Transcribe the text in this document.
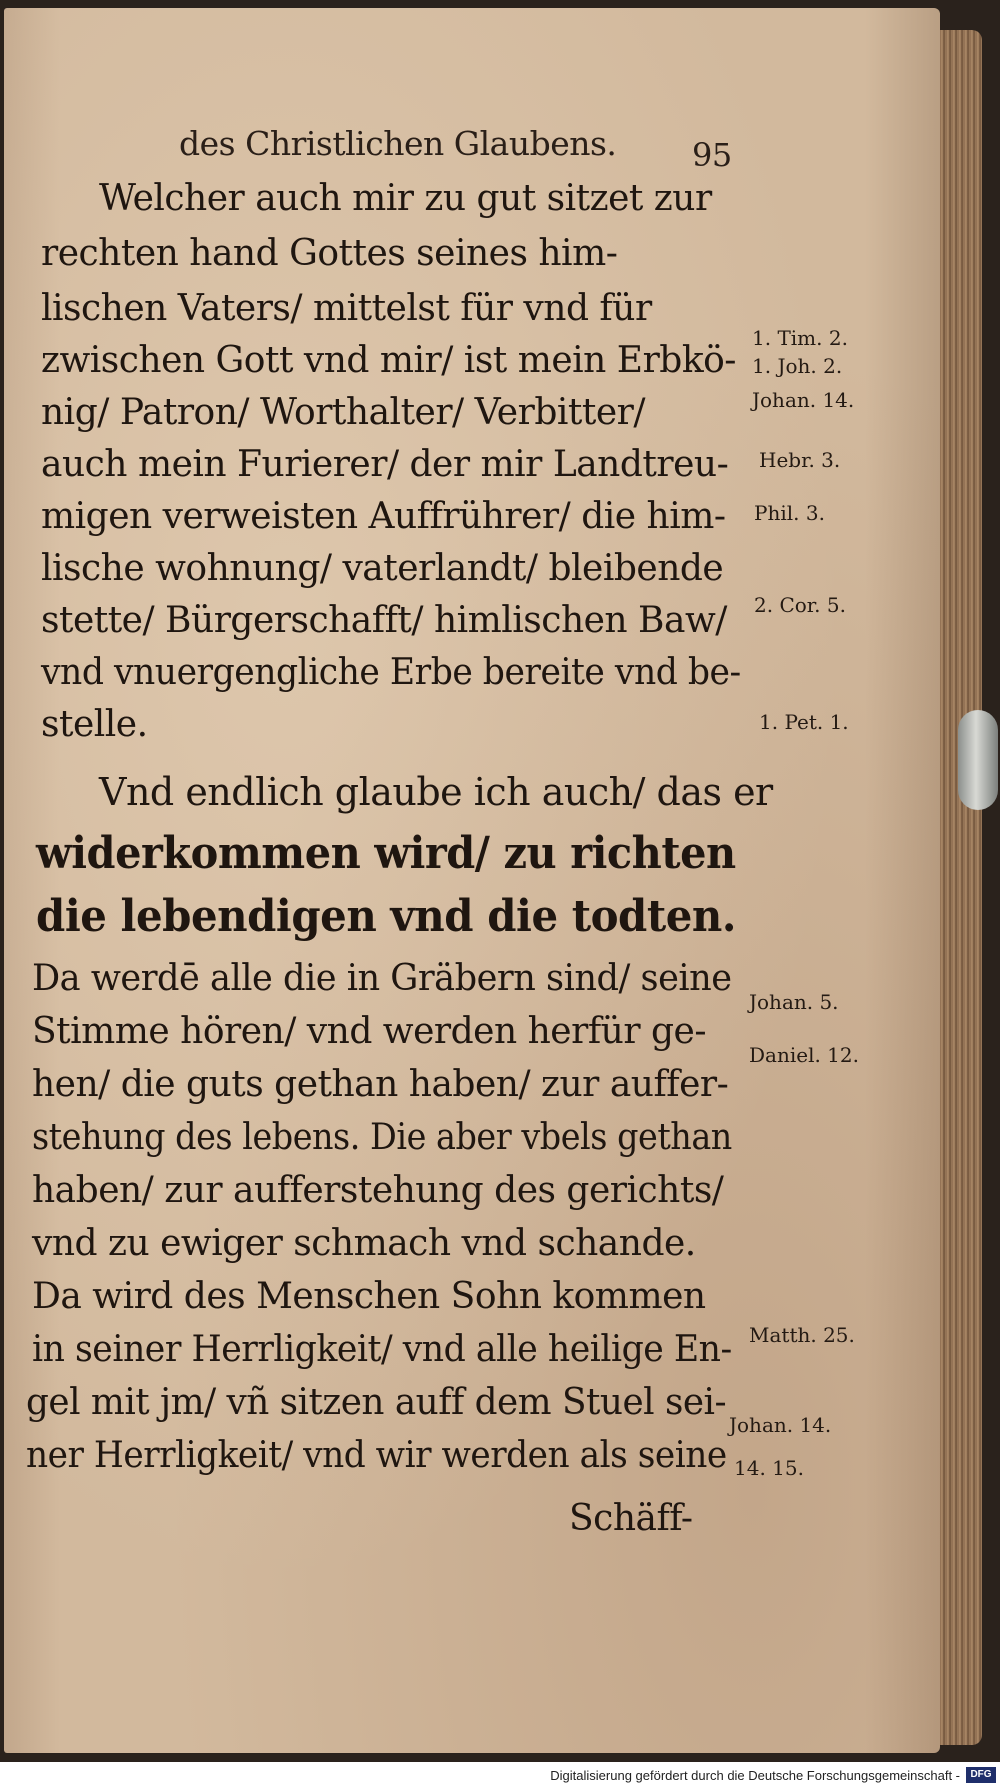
des Christlichen Glaubens. 95
Welcher auch mir zu gut sitzet zur
rechten hand Gottes seines him-
lischen Vaters/ mittelst für vnd für
zwischen Gott vnd mir/ ist mein Erbkö-
nig/ Patron/ Worthalter/ Verbitter/
auch mein Furierer/ der mir Landtreu-
migen verweisten Auffrührer/ die him-
lische wohnung/ vaterlandt/ bleibende
stette/ Bürgerschafft/ himlischen Baw/
vnd vnuergengliche Erbe bereite vnd be-
stelle.
Vnd endlich glaube ich auch/ das er
widerkommen wird/ zu richten
die lebendigen vnd die todten.
Da werdē alle die in Gräbern sind/ seine
Stimme hören/ vnd werden herfür ge-
hen/ die guts gethan haben/ zur auffer-
stehung des lebens. Die aber vbels gethan
haben/ zur aufferstehung des gerichts/
vnd zu ewiger schmach vnd schande.
Da wird des Menschen Sohn kommen
in seiner Herrligkeit/ vnd alle heilige En-
gel mit jm/ vñ sitzen auff dem Stuel sei-
ner Herrligkeit/ vnd wir werden als seine
Schäff-
1. Tim. 2.
1. Joh. 2.
Johan. 14.
Hebr. 3.
Phil. 3.
2. Cor. 5.
1. Pet. 1.
Johan. 5.
Daniel. 12.
Matth. 25.
Johan. 14.
14. 15.
Digitalisierung gefördert durch die Deutsche Forschungsgemeinschaft -	DFG
